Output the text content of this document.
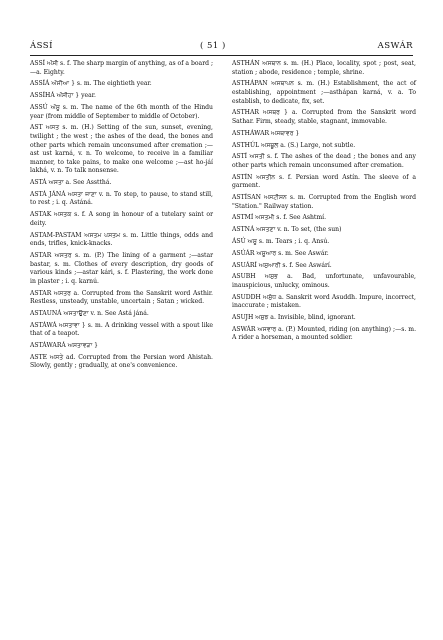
ÁSSÍ	( 51 )	ASWÁR

ASSÍ ਅੱਸੀ s. f. The sharp margin of anything, as of a board ;—a. Eighty.

ASSÍÁ ਅੱਸੀਆ } s. m. The eightieth year.

ASSÍHÁ ਅੱਸੀਹਾ } year.

ASSÚ ਅੱਸੂ s. m. The name of the 6th month of the Hindu year (from middle of September to middle of October).

AST ਅਸਤ s. m. (H.) Setting of the sun, sunset, evening, twilight ; the west ; the ashes of the dead, the bones and other parts which remain unconsumed after cremation ;—ast ust karná, v. n. To welcome, to receive in a familiar manner, to take pains, to make one welcome ;—ast ho-jáí lakhá, v. n. To talk nonsense.

ASTÁ ਅਸਤਾ a. See Asstthá.

ASTÁ JÁNÁ ਅਸਤਾ ਜਾਣਾ v. n. To step, to pause, to stand still, to rest ; i. q. Astáná.

ASTAK ਅਸਤਕ s. f. A song in honour of a tutelary saint or deity.

ASTAM-PASTAM ਅਸਤਮ ਪਸਤਮ s. m. Little things, odds and ends, trifles, knick-knacks.

ASTAR ਅਸਤਰ s. m. (P.) The lining of a garment ;—astar bastar, s. m. Clothes of every description, dry goods of various kinds ;—astar kári, s. f. Plastering, the work done in plaster ; i. q. karnú.

ASTAR ਅਸਤਰ a. Corrupted from the Sanskrit word Asthir. Restless, unsteady, unstable, uncertain ; Satan ; wicked.

ASTAUNÁ ਅਸਤਾਉਣਾ v. n. See Astá jáná.

ASTÁWÁ ਅਸਤਾਵਾ } s. m. A drinking vessel with a spout like that of a teapot.

ASTÁWARÁ ਅਸਤਾਵੜਾ }

ASTE ਅਸਤੇ ad. Corrupted from the Persian word Ahistah. Slowly, gently ; gradually, at one's convenience.

ASTHÁN ਅਸਥਾਨ s. m. (H.) Place, locality, spot ; post, seat, station ; abode, residence ; temple, shrine.

ASTHÁPAN ਅਸਥਾਪਨ s. m. (H.) Establishment, the act of establishing, appointment ;—asthápan karná, v. a. To establish, to dedicate, fix, set.

ASTHAR ਅਸਥਰ } a. Corrupted from the Sanskrit word Sathar. Firm, steady, stable, stagnant, immovable.

ASTHÁWAR ਅਸਥਾਵਰ }

ASTHÚL ਅਸਥੂਲ a. (S.) Large, not subtle.

ASTÍ ਅਸਤੀ s. f. The ashes of the dead ; the bones and any other parts which remain unconsumed after cremation.

ASTÍN ਅਸਤੀਨ s. f. Persian word Astín. The sleeve of a garment.

ASTÍSAN ਅਸਟੀਸਨ s. m. Corrupted from the English word "Station." Railway station.

ASTMÍ ਅਸਤਮੀ s. f. See Ashtmí.

ASTNÁ ਅਸਤਣਾ v. n. To set, (the sun)

ÁSÚ ਅਸੂ s. m. Tears ; i. q. Ansú.

ASÚÁR ਅਸੂਆਰ s. m. See Aswár.

ASUÁRÍ ਅਸੁਆਰੀ s. f. See Aswárí.

ASUBH ਅਸੁਭ a. Bad, unfortunate, unfavourable, inauspicious, unlucky, ominous.

ASUDDH ਅਸੁੱਧ a. Sanskrit word Asuddh. Impure, incorrect, inaccurate ; mistaken.

ASUJH ਅਸੁਝ a. Invisible, blind, ignorant.

ASWÁR ਅਸਵਾਰ a. (P.) Mounted, riding (on anything) ;—s. m. A rider a horseman, a mounted soldier.
